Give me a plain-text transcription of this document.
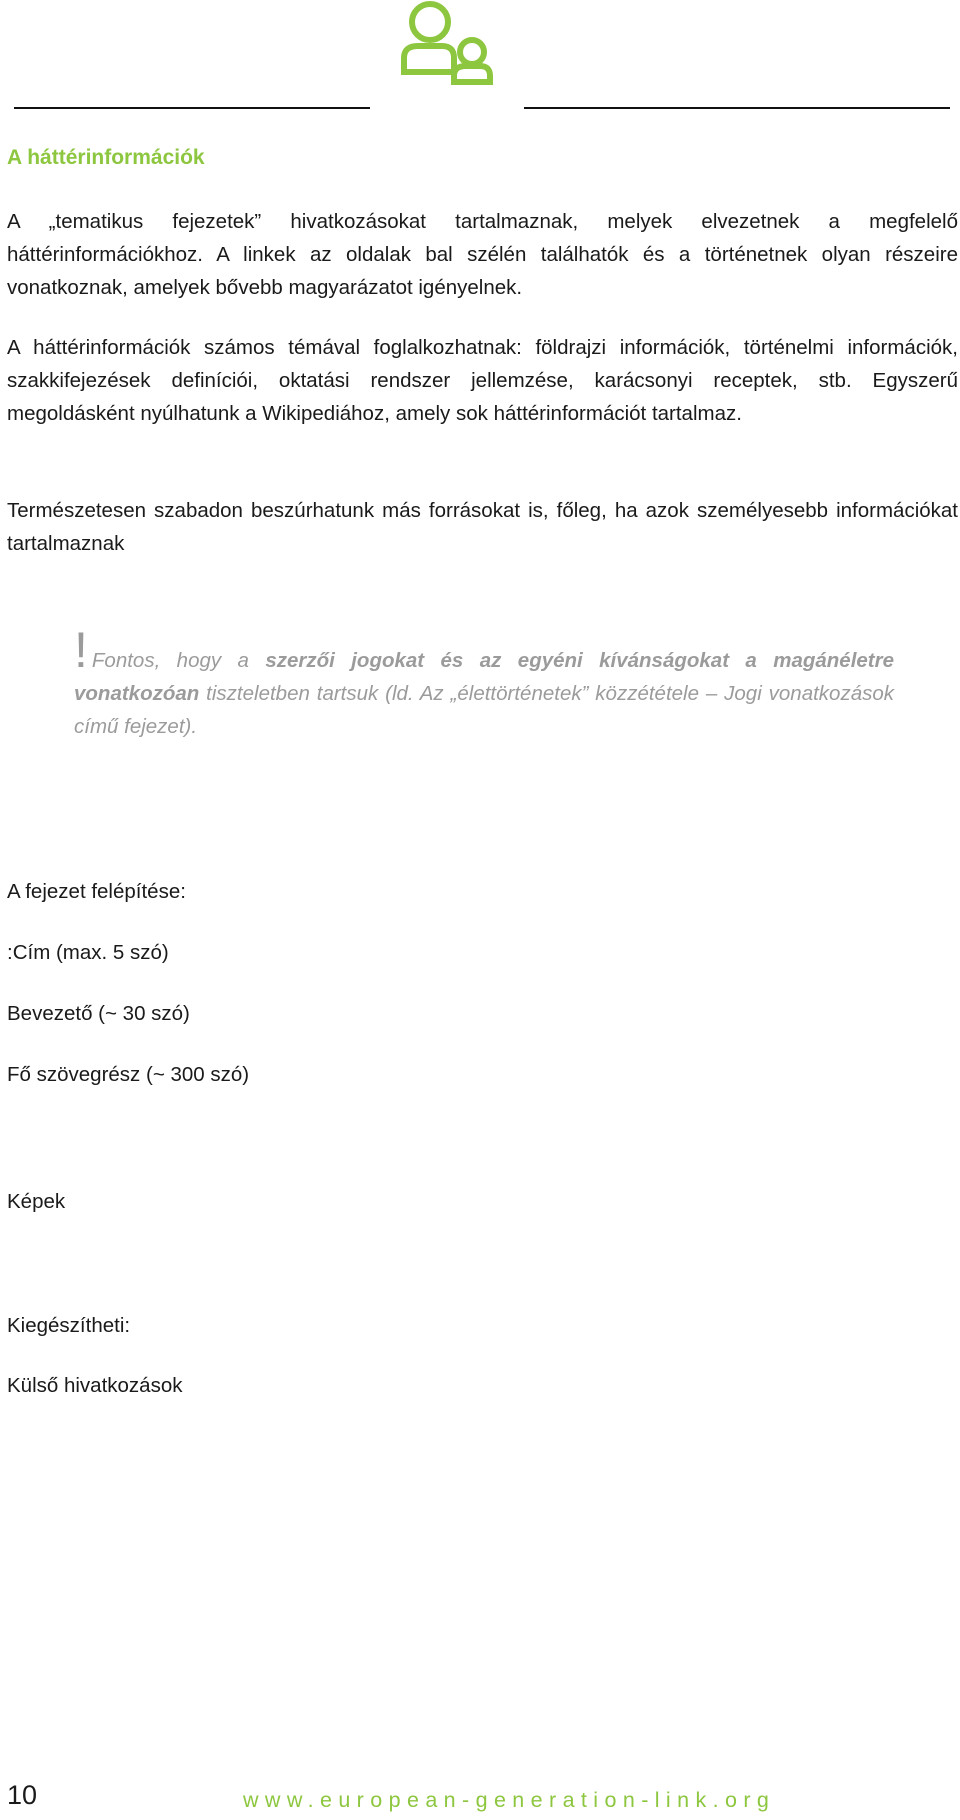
A háttérinformációk
A „tematikus fejezetek” hivatkozásokat tartalmaznak, melyek elvezetnek a megfelelő háttérinformációkhoz. A linkek az oldalak bal szélén találhatók és a történetnek olyan részeire vonatkoznak, amelyek bővebb magyarázatot igényelnek.
A háttérinformációk számos témával foglalkozhatnak: földrajzi információk, történelmi információk, szakkifejezések definíciói, oktatási rendszer jellemzése, karácsonyi receptek, stb. Egyszerű megoldásként nyúlhatunk a Wikipediához, amely sok háttérinformációt tartalmaz.
Természetesen szabadon beszúrhatunk más forrásokat is, főleg, ha azok személyesebb információkat tartalmaznak
! Fontos, hogy a szerzői jogokat és az egyéni kívánságokat a magánéletre vonatkozóan tiszteletben tartsuk (ld. Az „élettörténetek” közzététele – Jogi vonatkozások című fejezet).
A fejezet felépítése:
:Cím (max. 5 szó)
Bevezető (~ 30 szó)
Fő szövegrész (~ 300 szó)
Képek
Kiegészítheti:
Külső hivatkozások
10	www.european-generation-link.org
